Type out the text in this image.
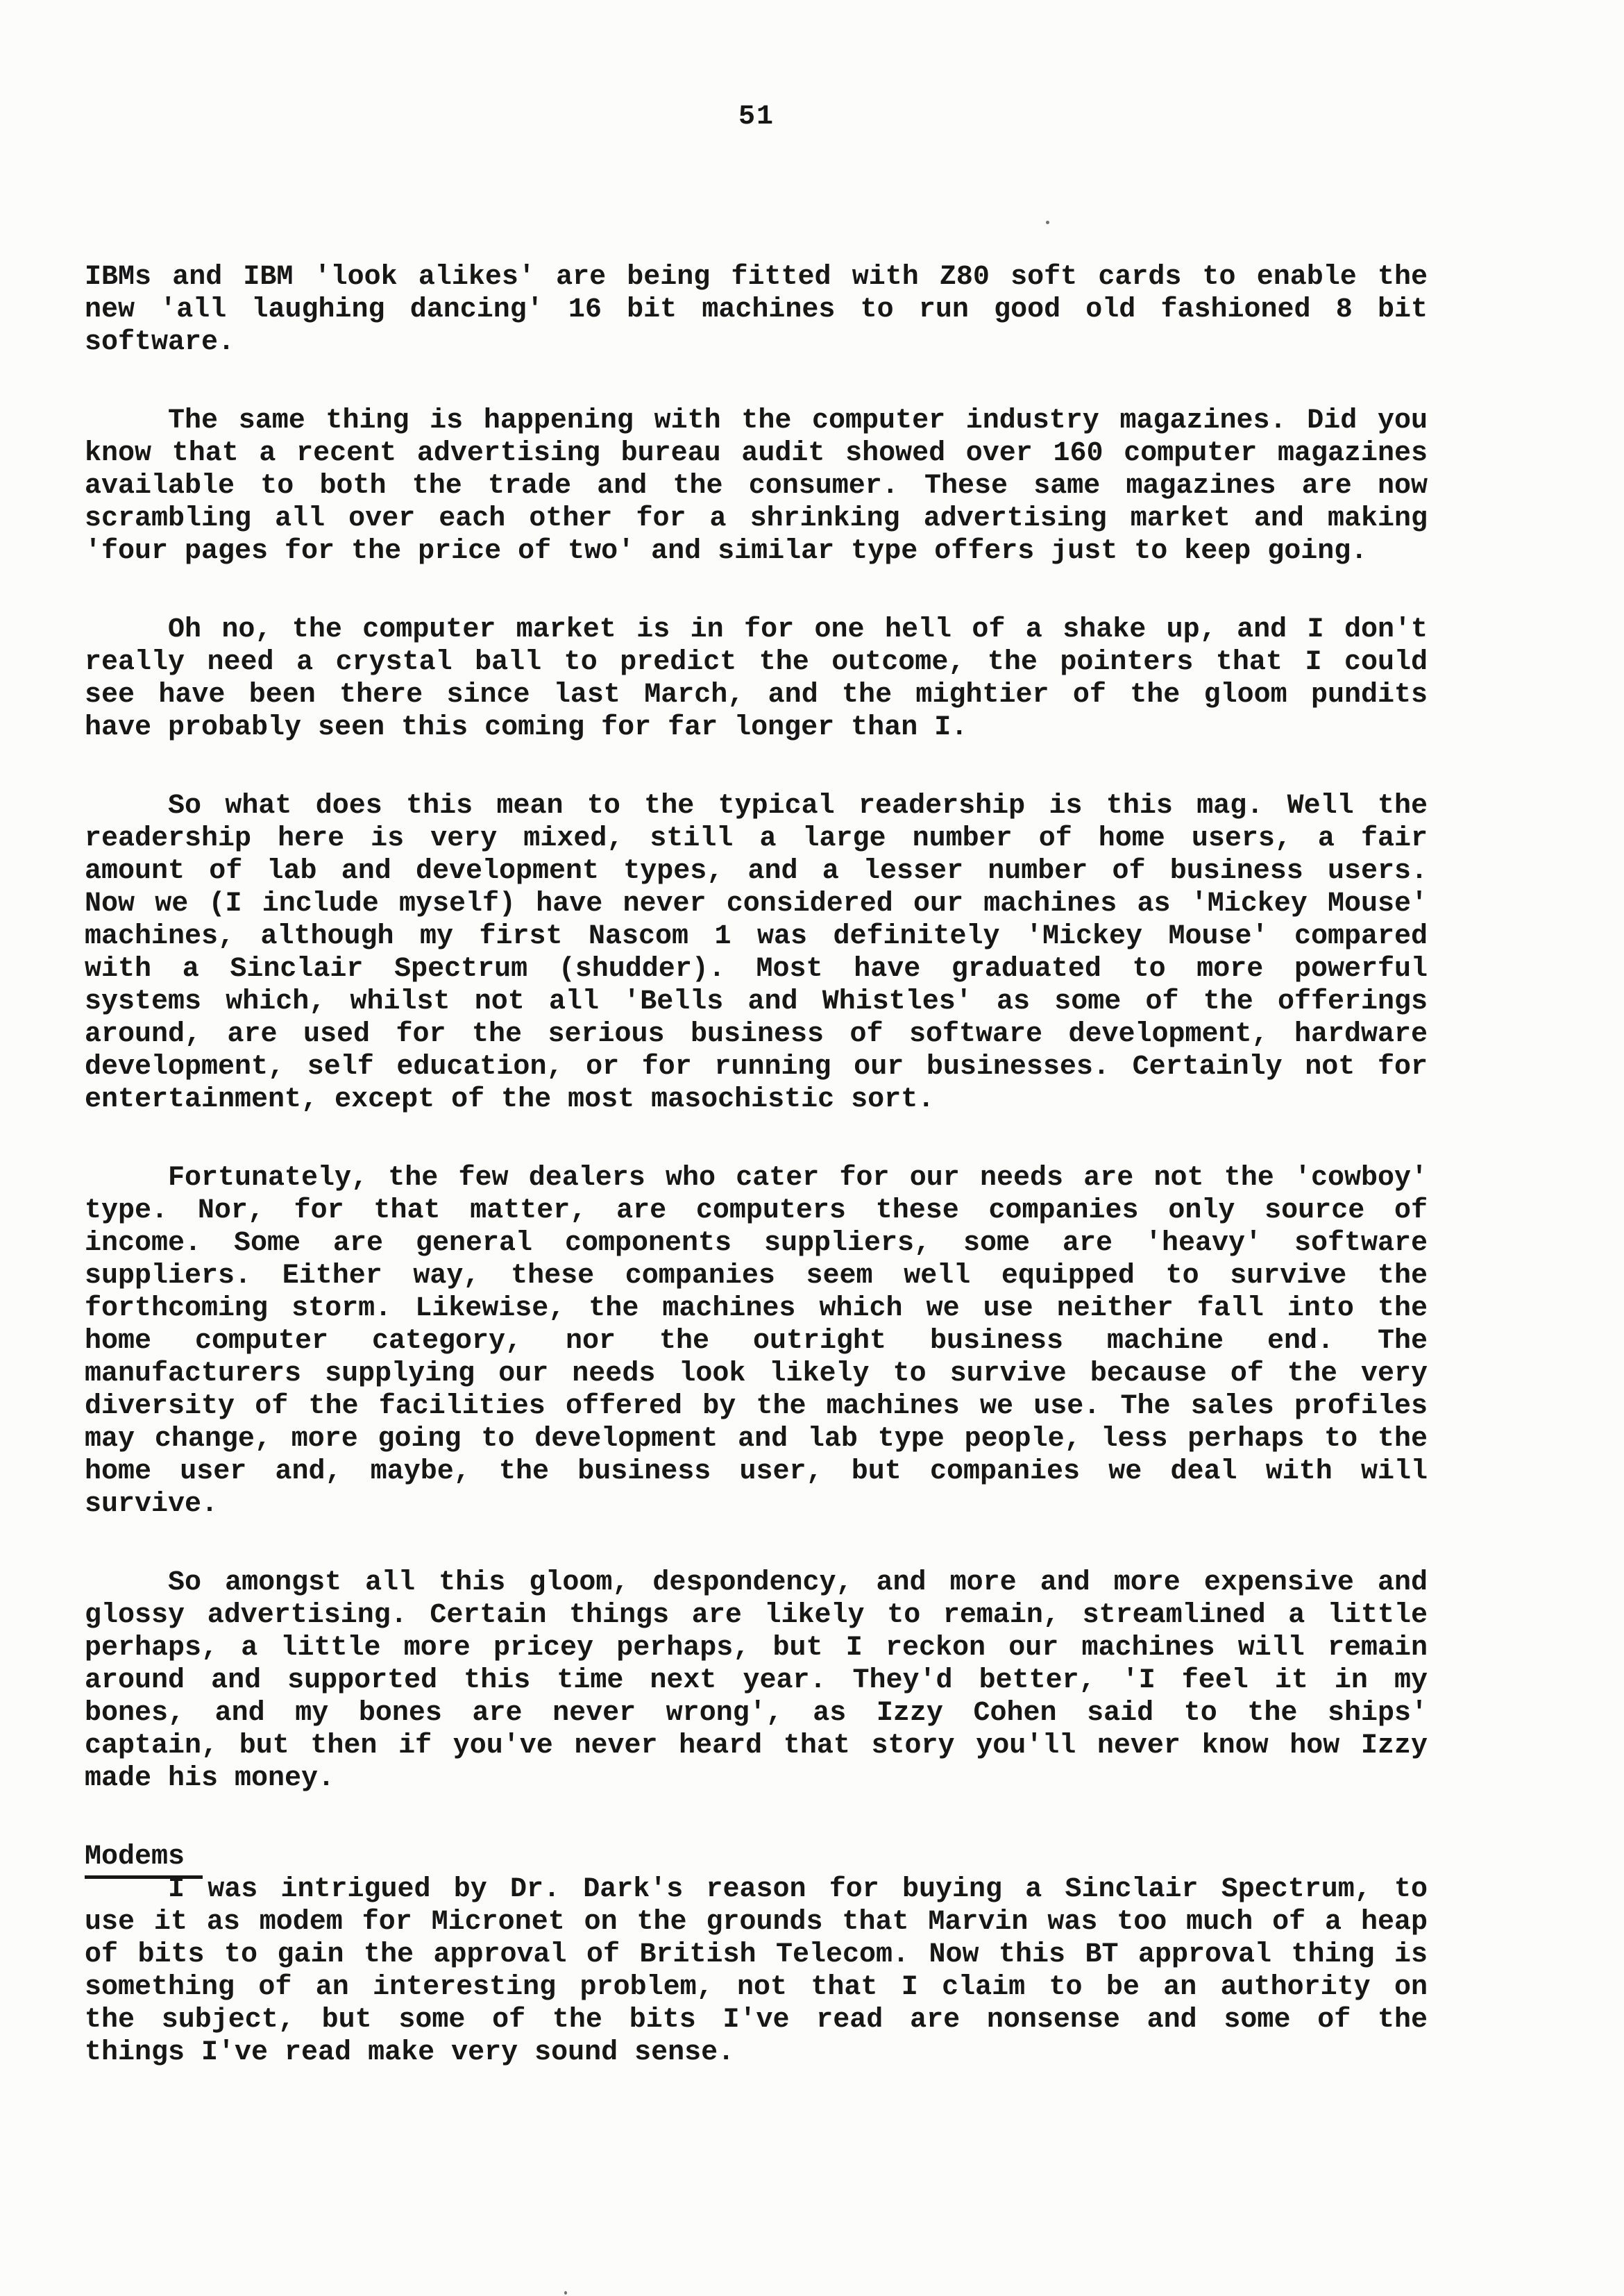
51
IBMs and IBM 'look alikes' are being fitted with Z80 soft cards to enable the
new 'all laughing dancing' 16 bit machines to run good old fashioned 8 bit
software.
The same thing is happening with the computer industry magazines. Did you
know that a recent advertising bureau audit showed over 160 computer magazines
available to both the trade and the consumer. These same magazines are now
scrambling all over each other for a shrinking advertising market and making
'four pages for the price of two' and similar type offers just to keep going.
Oh no, the computer market is in for one hell of a shake up, and I don't
really need a crystal ball to predict the outcome, the pointers that I could
see have been there since last March, and the mightier of the gloom pundits
have probably seen this coming for far longer than I.
So what does this mean to the typical readership is this mag. Well the
readership here is very mixed, still a large number of home users, a fair
amount of lab and development types, and a lesser number of business users.
Now we (I include myself) have never considered our machines as 'Mickey Mouse'
machines, although my first Nascom 1 was definitely 'Mickey Mouse' compared
with a Sinclair Spectrum (shudder). Most have graduated to more powerful
systems which, whilst not all 'Bells and Whistles' as some of the offerings
around, are used for the serious business of software development, hardware
development, self education, or for running our businesses. Certainly not for
entertainment, except of the most masochistic sort.
Fortunately, the few dealers who cater for our needs are not the 'cowboy'
type. Nor, for that matter, are computers these companies only source of
income. Some are general components suppliers, some are 'heavy' software
suppliers. Either way, these companies seem well equipped to survive the
forthcoming storm. Likewise, the machines which we use neither fall into the
home computer category, nor the outright business machine end. The
manufacturers supplying our needs look likely to survive because of the very
diversity of the facilities offered by the machines we use. The sales profiles
may change, more going to development and lab type people, less perhaps to the
home user and, maybe, the business user, but companies we deal with will
survive.
So amongst all this gloom, despondency, and more and more expensive and
glossy advertising. Certain things are likely to remain, streamlined a little
perhaps, a little more pricey perhaps, but I reckon our machines will remain
around and supported this time next year. They'd better, 'I feel it in my
bones, and my bones are never wrong', as Izzy Cohen said to the ships'
captain, but then if you've never heard that story you'll never know how Izzy
made his money.
Modems
I was intrigued by Dr. Dark's reason for buying a Sinclair Spectrum, to
use it as modem for Micronet on the grounds that Marvin was too much of a heap
of bits to gain the approval of British Telecom. Now this BT approval thing is
something of an interesting problem, not that I claim to be an authority on
the subject, but some of the bits I've read are nonsense and some of the
things I've read make very sound sense.
